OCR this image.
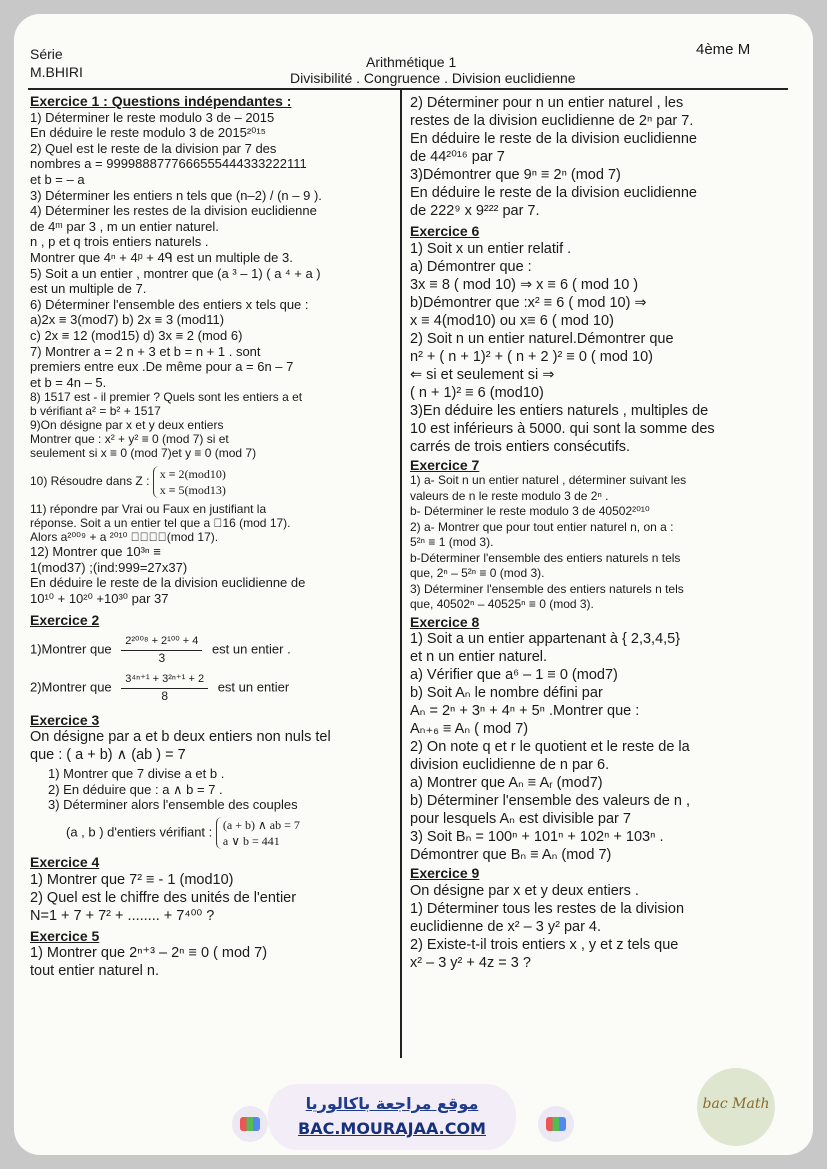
Série
M.BHIRI
Arithmétique 1
Divisibilité . Congruence . Division euclidienne
4ème M

Exercice 1 : Questions indépendantes :

1) Déterminer le reste modulo 3 de – 2015

En déduire le reste modulo 3 de 2015²⁰¹⁵

2) Quel est le reste de la division par 7 des

nombres a = 9999888777666555444333222111

et b = – a

3) Déterminer les entiers n tels que (n–2) / (n – 9 ).

4) Déterminer les restes de la division euclidienne

de 4ᵐ par 3 , m un entier naturel.

n , p et q trois entiers naturels .

Montrer que 4ⁿ + 4ᵖ + 4ᑫ est un multiple de 3.

5) Soit a un entier , montrer que (a ³ – 1) ( a ⁴ + a )

est un multiple de 7.

6) Déterminer l'ensemble des entiers x tels que :

a)2x ≡ 3(mod7) b) 2x ≡ 3 (mod11)

c) 2x ≡ 12 (mod15) d) 3x ≡ 2 (mod 6)

7) Montrer a = 2 n + 3 et b = n + 1 . sont

premiers entre eux .De même pour a = 6n – 7

et b = 4n – 5.

8) 1517 est - il premier ? Quels sont les entiers a et

b vérifiant a² = b² + 1517

9)On désigne par x et y deux entiers

Montrer que : x² + y² ≡ 0 (mod 7) si et

seulement si x ≡ 0 (mod 7)et y ≡ 0 (mod 7)

10) Résoudre dans Z : x ≡ 2(mod10)
x ≡ 5(mod13)

11) répondre par Vrai ou Faux en justifiant la

réponse. Soit a un entier tel que a ⃞16 (mod 17).

Alors a²⁰⁰⁹ + a ²⁰¹⁰ ⃞⃞⃞⃞(mod 17).

12) Montrer que 10³ⁿ ≡

1(mod37) ;(ind:999=27x37)

En déduire le reste de la division euclidienne de

10¹⁰ + 10²⁰ +10³⁰ par 37

Exercice 2

1)Montrer que $\frac{\text{2²⁰⁰⁸ + 2¹⁰⁰ + 4}}{3}$ est un entier .

2)Montrer que $\frac{\text{3⁴ⁿ⁺¹ + 3²ⁿ⁺¹ + 2}}{8}$ est un entier

Exercice 3

On désigne par a et b deux entiers non nuls tel

que : ( a + b) ∧ (ab ) = 7

1) Montrer que 7 divise a et b .

2) En déduire que : a ∧ b = 7 .

3) Déterminer alors l'ensemble des couples

(a , b ) d'entiers vérifiant : (a + b) ∧ ab = 7
a ∨ b = 441

Exercice 4

1) Montrer que 7² ≡ - 1 (mod10)

2) Quel est le chiffre des unités de l'entier

N=1 + 7 + 7² + ........ + 7⁴⁰⁰ ?

Exercice 5

1) Montrer que 2ⁿ⁺³ – 2ⁿ ≡ 0 ( mod 7)

tout entier naturel n.

2) Déterminer pour n un entier naturel , les

restes de la division euclidienne de 2ⁿ par 7.

En déduire le reste de la division euclidienne

de 44²⁰¹⁶ par 7

3)Démontrer que 9ⁿ ≡ 2ⁿ (mod 7)

En déduire le reste de la division euclidienne

de 222⁹ x 9²²² par 7.

Exercice 6

1) Soit x un entier relatif .

a) Démontrer que :

3x ≡ 8 ( mod 10) ⇒ x ≡ 6 ( mod 10 )

b)Démontrer que :x² ≡ 6 ( mod 10) ⇒

x ≡ 4(mod10) ou x≡ 6 ( mod 10)

2) Soit n un entier naturel.Démontrer que

n² + ( n + 1)² + ( n + 2 )² ≡ 0 ( mod 10)

⇐ si et seulement si ⇒

( n + 1)² ≡ 6 (mod10)

3)En déduire les entiers naturels , multiples de

10 est inférieurs à 5000. qui sont la somme des

carrés de trois entiers consécutifs.

Exercice 7

1) a- Soit n un entier naturel , déterminer suivant les

valeurs de n le reste modulo 3 de 2ⁿ .

b- Déterminer le reste modulo 3 de 40502²⁰¹⁰

2) a- Montrer que pour tout entier naturel n, on a :

5²ⁿ ≡ 1 (mod 3).

b-Déterminer l'ensemble des entiers naturels n tels

que, 2ⁿ – 5²ⁿ ≡ 0 (mod 3).

3) Déterminer l'ensemble des entiers naturels n tels

que, 40502ⁿ – 40525ⁿ ≡ 0 (mod 3).

Exercice 8

1) Soit a un entier appartenant à { 2,3,4,5}

et n un entier naturel.

a) Vérifier que a⁶ – 1 ≡ 0 (mod7)

b) Soit Aₙ le nombre défini par

Aₙ = 2ⁿ + 3ⁿ + 4ⁿ + 5ⁿ .Montrer que :

Aₙ₊₆ ≡ Aₙ ( mod 7)

2) On note q et r le quotient et le reste de la

division euclidienne de n par 6.

a) Montrer que Aₙ ≡ Aᵣ (mod7)

b) Déterminer l'ensemble des valeurs de n ,

pour lesquels Aₙ est divisible par 7

3) Soit Bₙ = 100ⁿ + 101ⁿ + 102ⁿ + 103ⁿ .

Démontrer que Bₙ ≡ Aₙ (mod 7)

Exercice 9

On désigne par x et y deux entiers .

1) Déterminer tous les restes de la division

euclidienne de x² – 3 y² par 4.

2) Existe-t-il trois entiers x , y et z tels que

x² – 3 y² + 4z = 3 ?

موقع مراجعة باكالوريا
BAC.MOURAJAA.COM
bac Math
